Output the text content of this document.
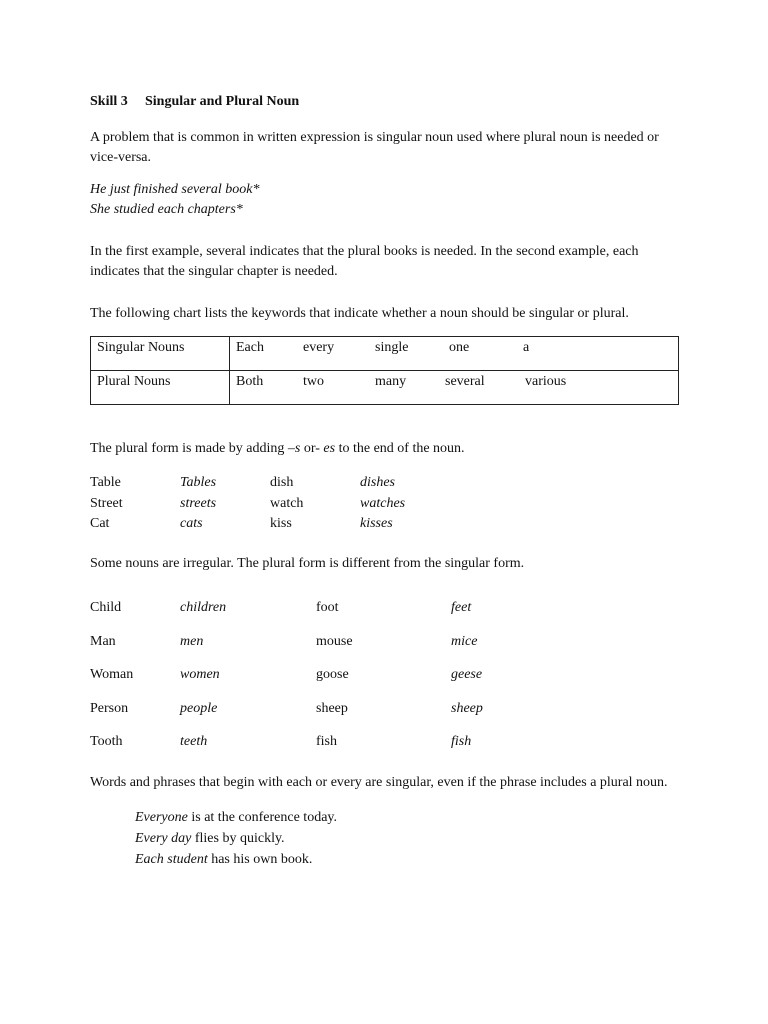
Skill 3 Singular and Plural Noun

A problem that is common in written expression is singular noun used where plural noun is needed or vice-versa.

He just finished several book*

She studied each chapters*

In the first example, several indicates that the plural books is needed. In the second example, each indicates that the singular chapter is needed.

The following chart lists the keywords that indicate whether a noun should be singular or plural.

Singular Nouns	Each every single one a

Plural Nouns	Both two many several various

The plural form is made by adding –s or- es to the end of the noun.

Table	Tables	dish	dishes
Street	streets	watch	watches
Cat	cats	kiss	kisses

Some nouns are irregular. The plural form is different from the singular form.

Child	children	foot	feet
Man	men	mouse	mice
Woman	women	goose	geese
Person	people	sheep	sheep
Tooth	teeth	fish	fish

Words and phrases that begin with each or every are singular, even if the phrase includes a plural noun.

Everyone is at the conference today.
Every day flies by quickly.
Each student has his own book.
